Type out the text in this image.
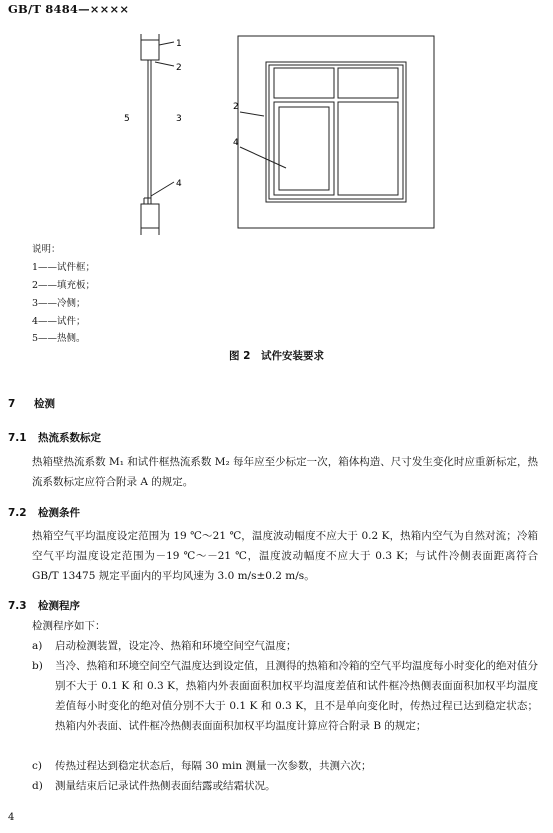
GB/T 8484—××××
1
2
3
4
5
2
4
说明：
1——试件框；
2——填充板；
3——冷侧；
4——试件；
5——热侧。
图 2　试件安装要求
7 检测
7.1 热流系数标定
热箱壁热流系数 M₁ 和试件框热流系数 M₂ 每年应至少标定一次，箱体构造、尺寸发生变化时应重新标定，热流系数标定应符合附录 A 的规定。
7.2 检测条件
热箱空气平均温度设定范围为 19 ℃～21 ℃，温度波动幅度不应大于 0.2 K，热箱内空气为自然对流；冷箱空气平均温度设定范围为－19 ℃～－21 ℃，温度波动幅度不应大于 0.3 K；与试件冷侧表面距离符合 GB/T 13475 规定平面内的平均风速为 3.0 m/s±0.2 m/s。
7.3 检测程序
检测程序如下：
a) 启动检测装置，设定冷、热箱和环境空间空气温度；
b) 当冷、热箱和环境空间空气温度达到设定值，且测得的热箱和冷箱的空气平均温度每小时变化的绝对值分别不大于 0.1 K 和 0.3 K，热箱内外表面面积加权平均温度差值和试件框冷热侧表面面积加权平均温度差值每小时变化的绝对值分别不大于 0.1 K 和 0.3 K，且不是单向变化时，传热过程已达到稳定状态；热箱内外表面、试件框冷热侧表面面积加权平均温度计算应符合附录 B 的规定；
c) 传热过程达到稳定状态后，每隔 30 min 测量一次参数，共测六次；
d) 测量结束后记录试件热侧表面结露或结霜状况。
4
